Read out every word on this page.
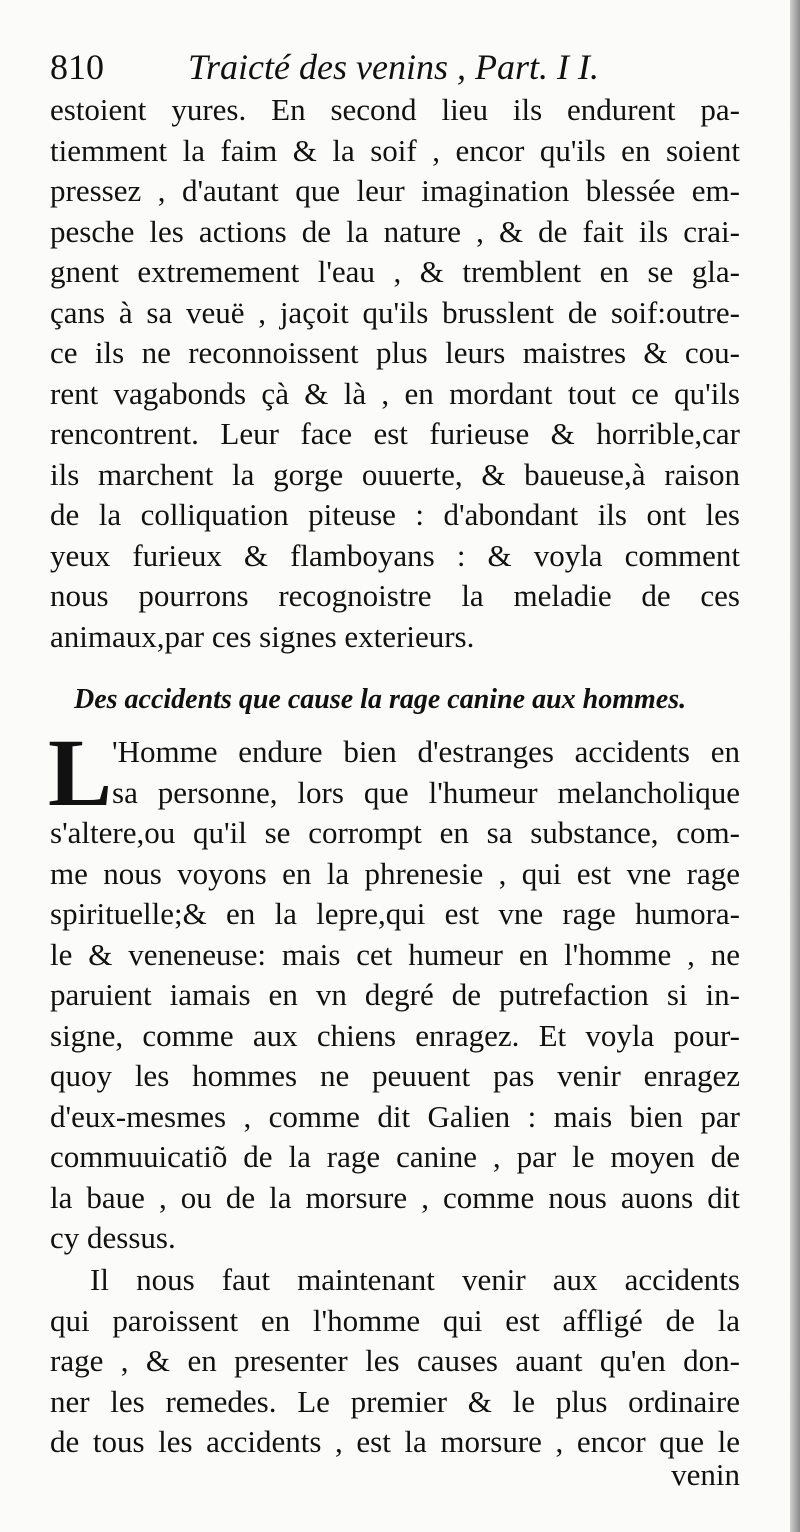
810 Traicté des venins , Part. I I.
estoient yures. En second lieu ils endurent pa-
tiemment la faim & la soif , encor qu'ils en soient
pressez , d'autant que leur imagination blessée em-
pesche les actions de la nature , & de fait ils crai-
gnent extremement l'eau , & tremblent en se gla-
çans à sa veuë , jaçoit qu'ils brusslent de soif:outre-
ce ils ne reconnoissent plus leurs maistres & cou-
rent vagabonds çà & là , en mordant tout ce qu'ils
rencontrent. Leur face est furieuse & horrible,car
ils marchent la gorge ouuerte, & baueuse,à raison
de la colliquation piteuse : d'abondant ils ont les
yeux furieux & flamboyans : & voyla comment
nous pourrons recognoistre la meladie de ces
animaux,par ces signes exterieurs.
Des accidents que cause la rage canine aux hommes.
L 'Homme endure bien d'estranges accidents en
sa personne, lors que l'humeur melancholique
s'altere,ou qu'il se corrompt en sa substance, com-
me nous voyons en la phrenesie , qui est vne rage
spirituelle;& en la lepre,qui est vne rage humora-
le & veneneuse: mais cet humeur en l'homme , ne
paruient iamais en vn degré de putrefaction si in-
signe, comme aux chiens enragez. Et voyla pour-
quoy les hommes ne peuuent pas venir enragez
d'eux-mesmes , comme dit Galien : mais bien par
commuuicatiõ de la rage canine , par le moyen de
la baue , ou de la morsure , comme nous auons dit
cy dessus.
Il nous faut maintenant venir aux accidents
qui paroissent en l'homme qui est affligé de la
rage , & en presenter les causes auant qu'en don-
ner les remedes. Le premier & le plus ordinaire
de tous les accidents , est la morsure , encor que le
venin
